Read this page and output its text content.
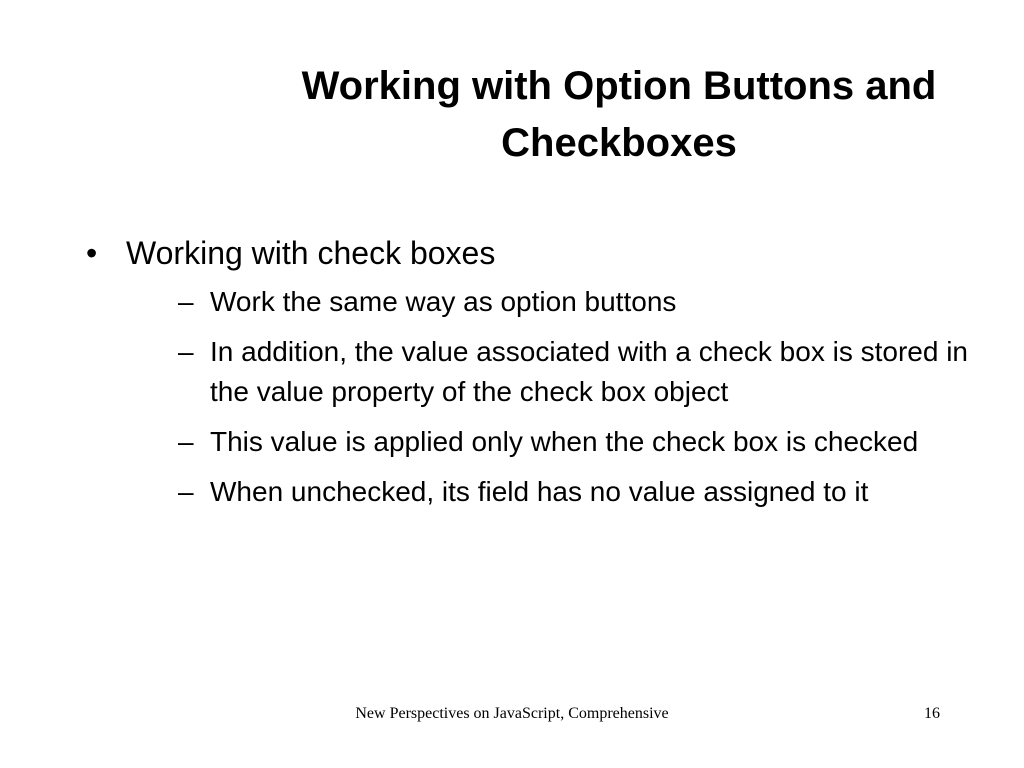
Working with Option Buttons and
Checkboxes
• Working with check boxes
– Work the same way as option buttons
– In addition, the value associated with a check box is stored in the value property of the check box object
– This value is applied only when the check box is checked
– When unchecked, its field has no value assigned to it
New Perspectives on JavaScript, Comprehensive	16
